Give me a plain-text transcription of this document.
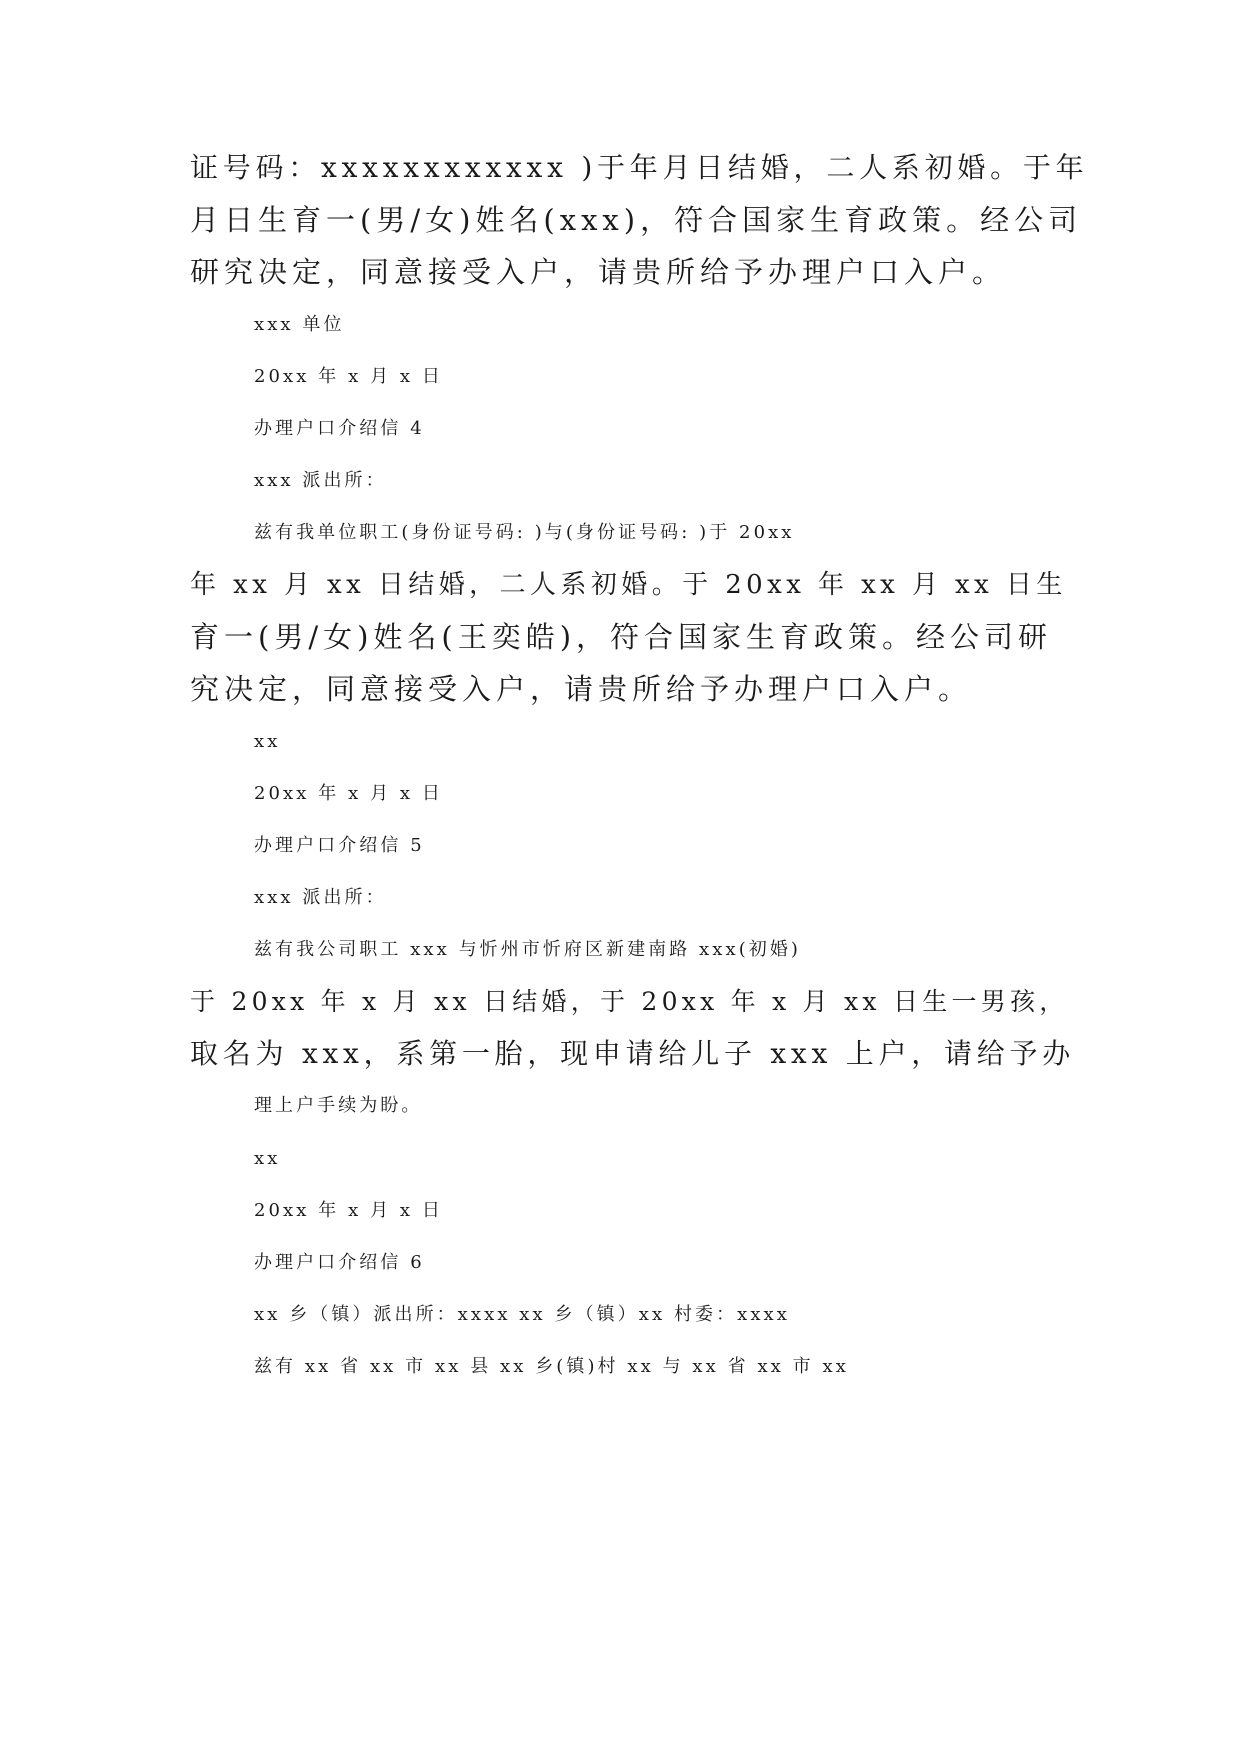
证号码：xxxxxxxxxxxx )于年月日结婚，二人系初婚。于年

月日生育一(男/女)姓名(xxx)，符合国家生育政策。经公司

研究决定，同意接受入户，请贵所给予办理户口入户。

xxx 单位

20xx 年 x 月 x 日

办理户口介绍信 4

xxx 派出所：

兹有我单位职工(身份证号码: )与(身份证号码: )于 20xx

年 xx 月 xx 日结婚，二人系初婚。于 20xx 年 xx 月 xx 日生

育一(男/女)姓名(王奕皓)，符合国家生育政策。经公司研

究决定，同意接受入户，请贵所给予办理户口入户。

xx

20xx 年 x 月 x 日

办理户口介绍信 5

xxx 派出所：

兹有我公司职工 xxx 与忻州市忻府区新建南路 xxx(初婚)

于 20xx 年 x 月 xx 日结婚，于 20xx 年 x 月 xx 日生一男孩，

取名为 xxx，系第一胎，现申请给儿子 xxx 上户，请给予办

理上户手续为盼。

xx

20xx 年 x 月 x 日

办理户口介绍信 6

xx 乡（镇）派出所：xxxx xx 乡（镇）xx 村委：xxxx

兹有 xx 省 xx 市 xx 县 xx 乡(镇)村 xx 与 xx 省 xx 市 xx
